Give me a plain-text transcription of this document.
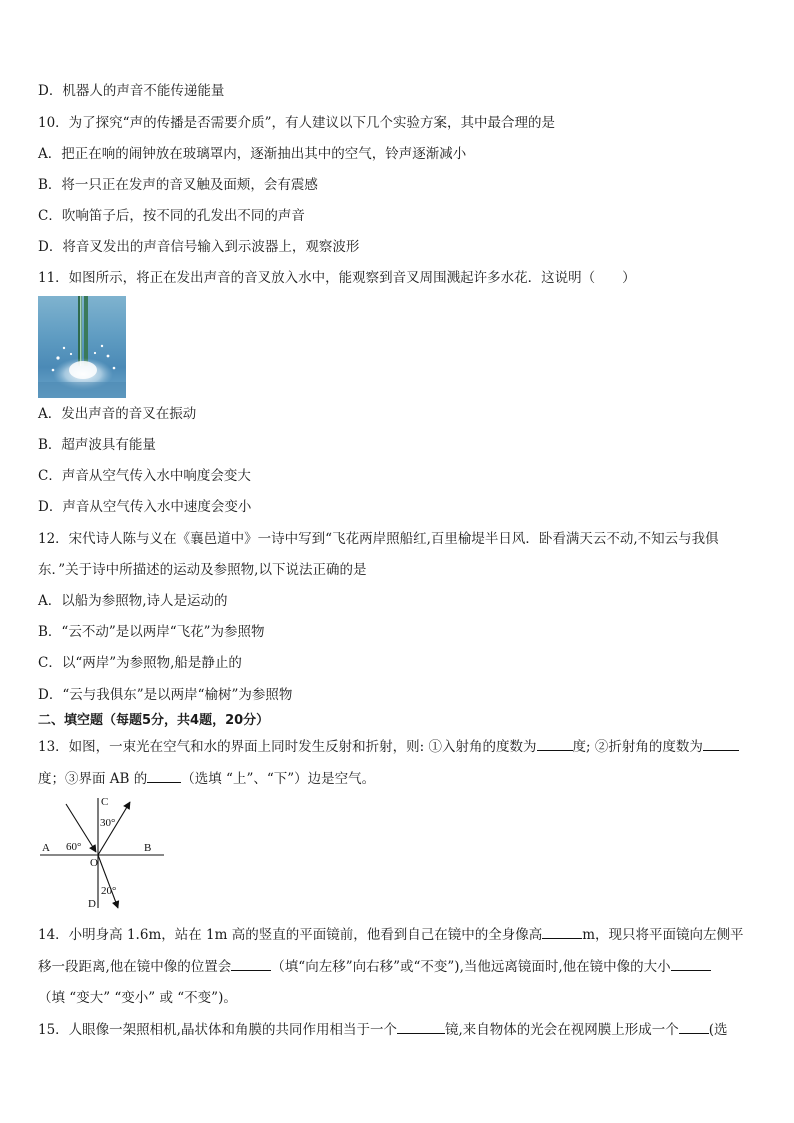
D．机器人的声音不能传递能量
10．为了探究“声的传播是否需要介质”，有人建议以下几个实验方案，其中最合理的是
A．把正在响的闹钟放在玻璃罩内，逐渐抽出其中的空气，铃声逐渐减小
B．将一只正在发声的音叉触及面颊，会有震感
C．吹响笛子后，按不同的孔发出不同的声音
D．将音叉发出的声音信号输入到示波器上，观察波形
11．如图所示，将正在发出声音的音叉放入水中，能观察到音叉周围溅起许多水花．这说明（　　）
A．发出声音的音叉在振动
B．超声波具有能量
C．声音从空气传入水中响度会变大
D．声音从空气传入水中速度会变小
12．宋代诗人陈与义在《襄邑道中》一诗中写到“飞花两岸照船红,百里榆堤半日风．卧看满天云不动,不知云与我俱
东．”关于诗中所描述的运动及参照物,以下说法正确的是
A．以船为参照物,诗人是运动的
B．“云不动”是以两岸“飞花”为参照物
C．以“两岸”为参照物,船是静止的
D．“云与我俱东”是以两岸“榆树”为参照物
二、填空题（每题5分，共4题，20分）
13．如图，一束光在空气和水的界面上同时发生反射和折射，则: ①入射角的度数为	度; ②折射角的度数为
度；③界面 AB 的	（选填 “上”、“下”）边是空气。
C
30°
A 60°	B
O
20°
D
14．小明身高 1.6m，站在 1m 高的竖直的平面镜前，他看到自己在镜中的全身像高	m，现只将平面镜向左侧平
移一段距离,他在镜中像的位置会	（填“向左移”向右移”或“不变”),当他远离镜面时,他在镜中像的大小
（填 “变大” “变小” 或 “不变”)。
15．人眼像一架照相机,晶状体和角膜的共同作用相当于一个	镜,来自物体的光会在视网膜上形成一个 (选
